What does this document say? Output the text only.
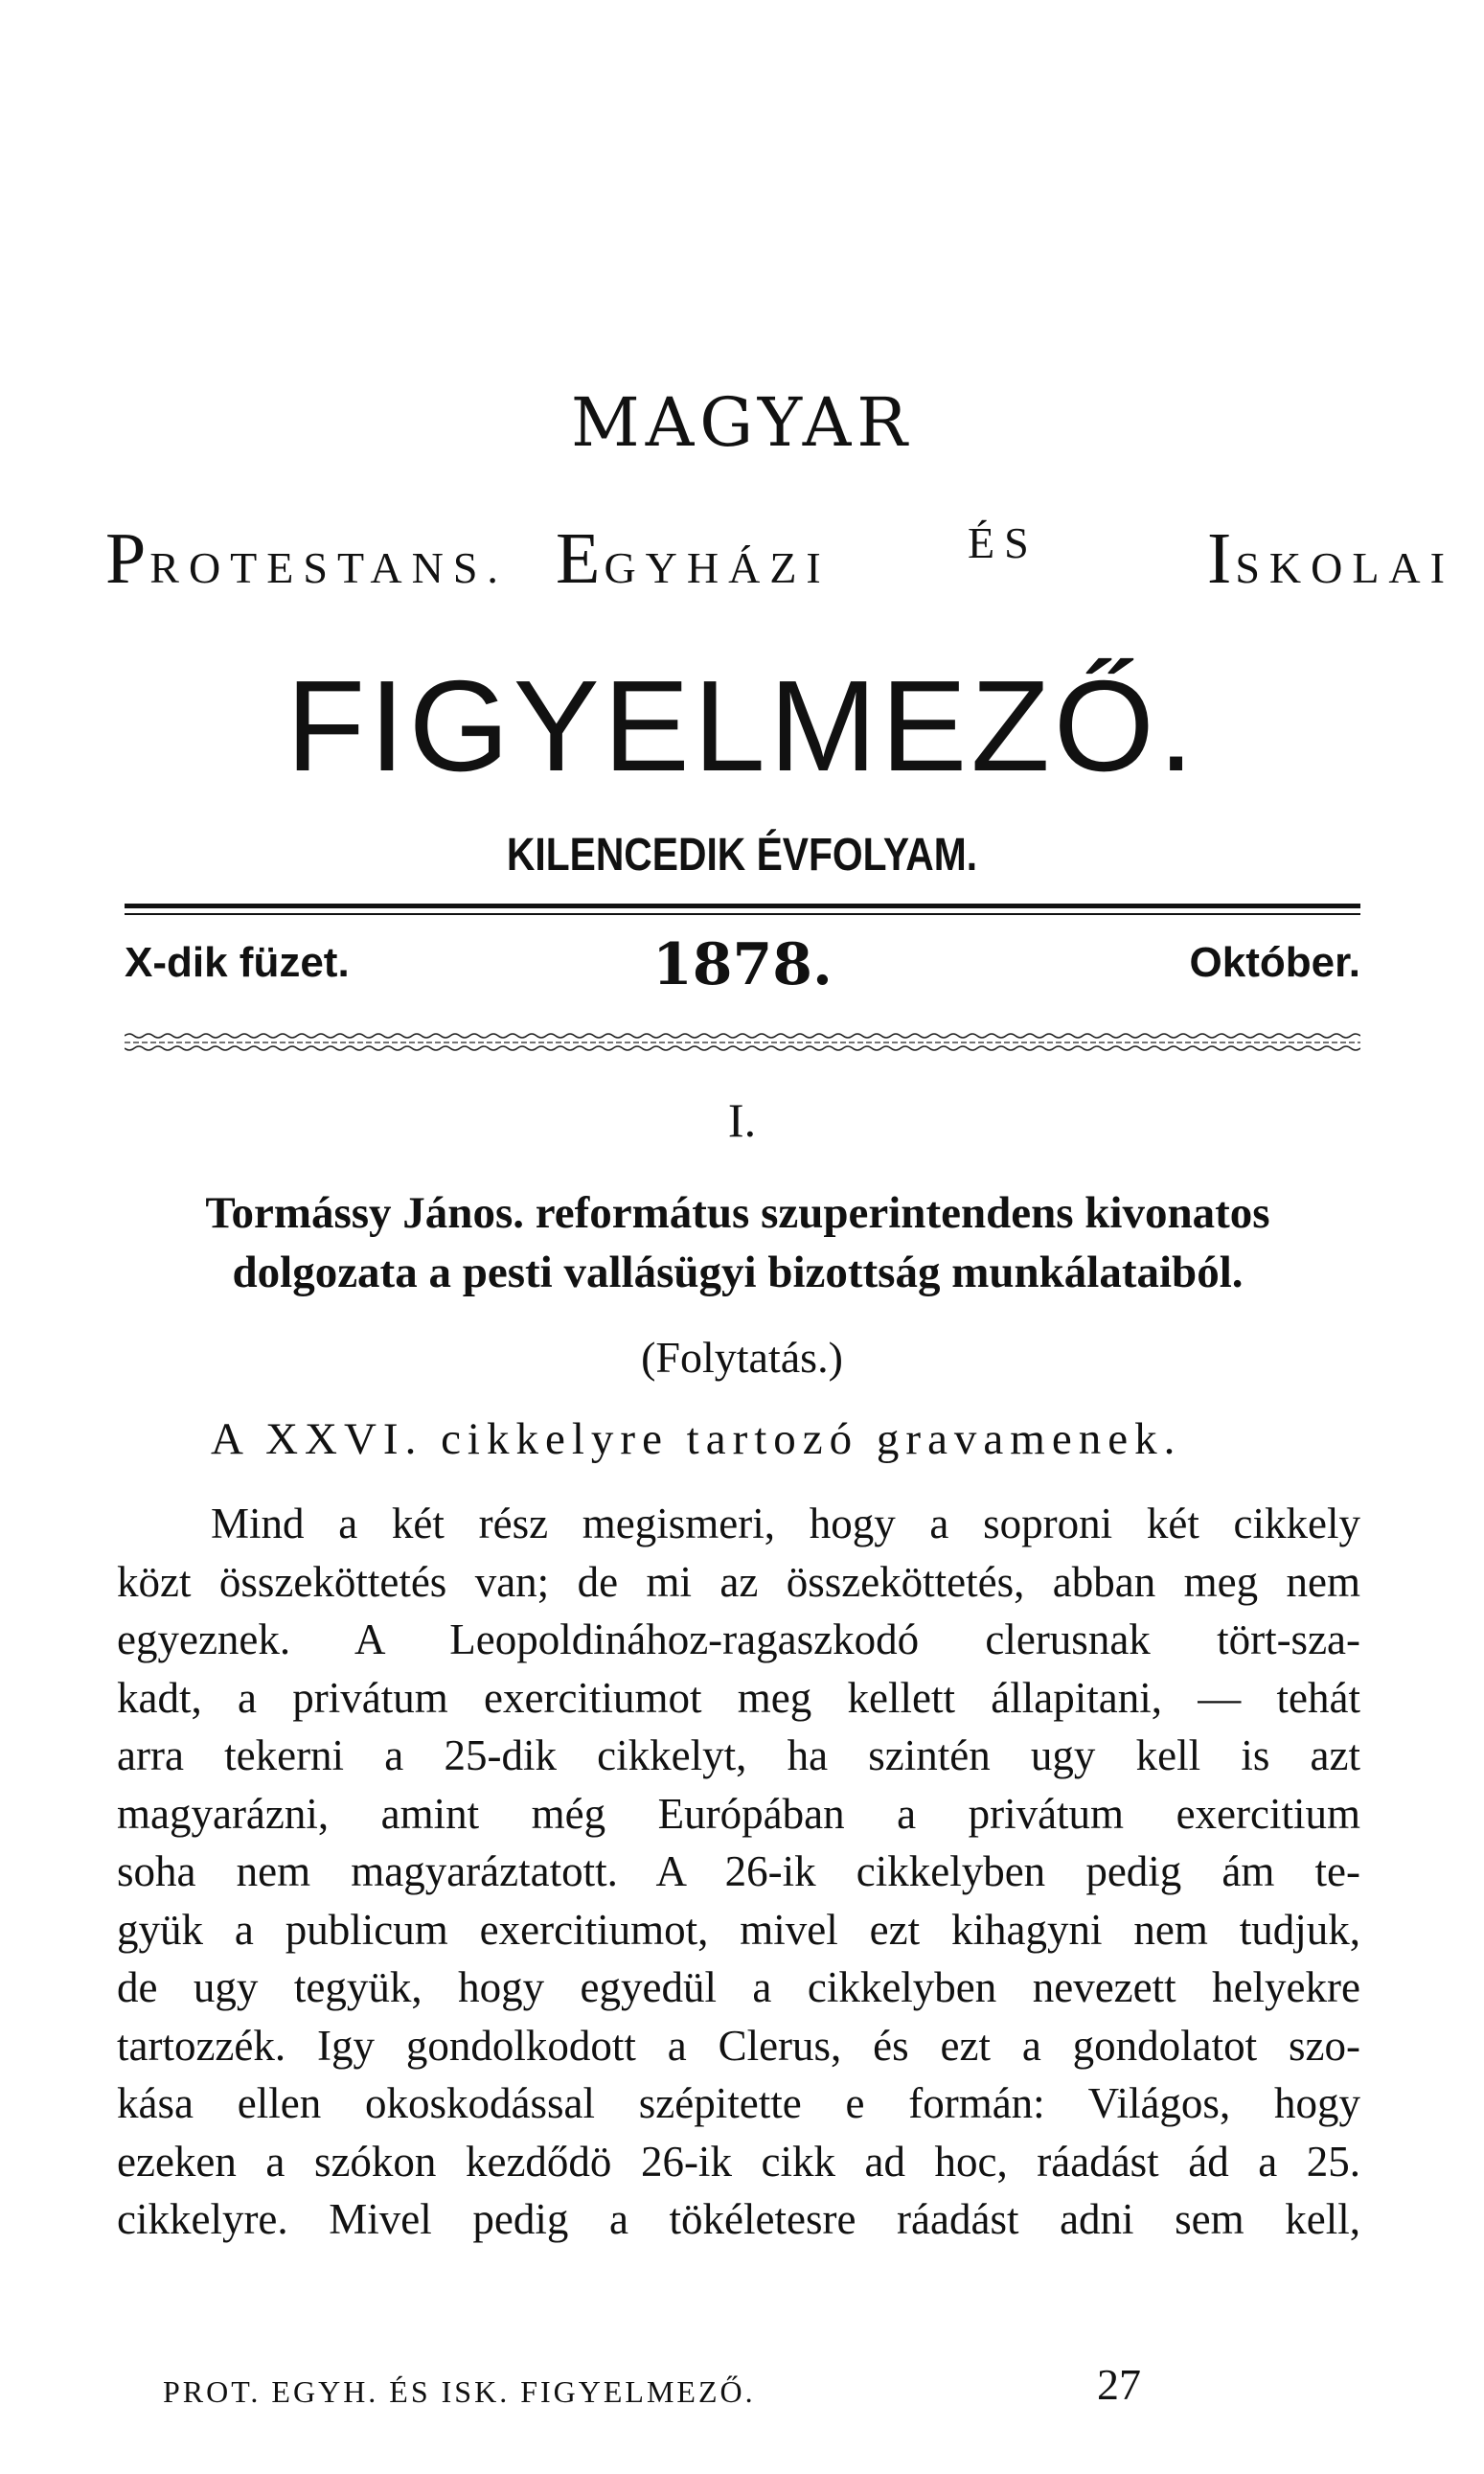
MAGYAR
PROTESTANS. EGYHÁZI
ÉS ISKOLAI
FIGYELMEZŐ.
KILENCEDIK ÉVFOLYAM.
X-dik füzet.	1878.	Október.
I.
Tormássy János. református szuperintendens kivonatos
dolgozata a pesti vallásügyi bizottság munkálataiból.
(Folytatás.)
A XXVI. cikkelyre tartozó gravamenek.
Mind a két rész megismeri, hogy a soproni két cikkely
közt összeköttetés van; de mi az összeköttetés, abban meg nem
egyeznek. A Leopoldinához-ragaszkodó clerusnak tört-sza-
kadt, a privátum exercitiumot meg kellett állapitani, — tehát
arra tekerni a 25-dik cikkelyt, ha szintén ugy kell is azt
magyarázni, amint még Európában a privátum exercitium
soha nem magyaráztatott. A 26-ik cikkelyben pedig ám te-
gyük a publicum exercitiumot, mivel ezt kihagyni nem tudjuk,
de ugy tegyük, hogy egyedül a cikkelyben nevezett helyekre
tartozzék. Igy gondolkodott a Clerus, és ezt a gondolatot szo-
kása ellen okoskodással szépitette e formán: Világos, hogy
ezeken a szókon kezdődö 26-ik cikk ad hoc, ráadást ád a 25.
cikkelyre. Mivel pedig a tökéletesre ráadást adni sem kell,
PROT. EGYH. ÉS ISK. FIGYELMEZŐ.	27
